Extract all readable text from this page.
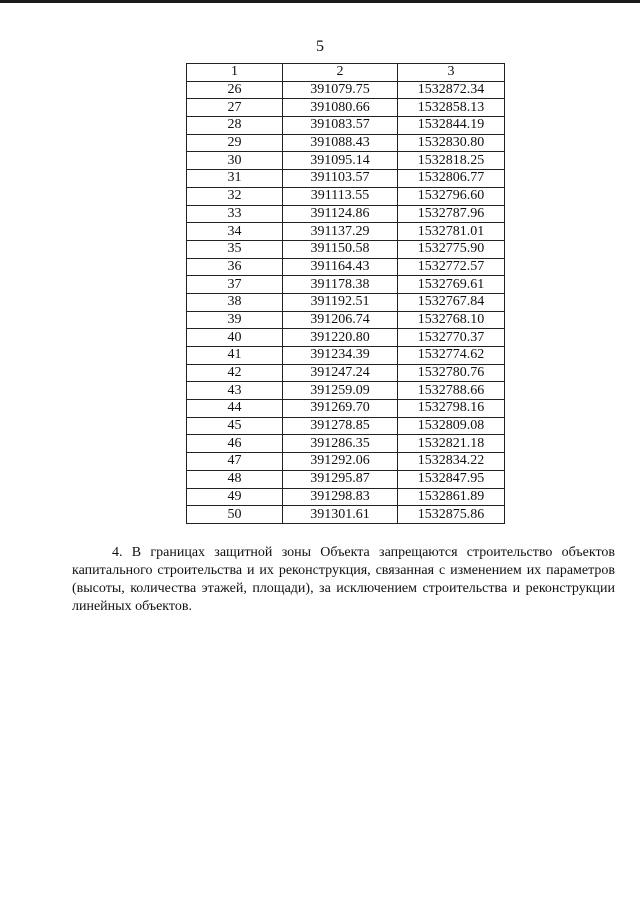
5
1	2	3
26	391079.75	1532872.34
27	391080.66	1532858.13
28	391083.57	1532844.19
29	391088.43	1532830.80
30	391095.14	1532818.25
31	391103.57	1532806.77
32	391113.55	1532796.60
33	391124.86	1532787.96
34	391137.29	1532781.01
35	391150.58	1532775.90
36	391164.43	1532772.57
37	391178.38	1532769.61
38	391192.51	1532767.84
39	391206.74	1532768.10
40	391220.80	1532770.37
41	391234.39	1532774.62
42	391247.24	1532780.76
43	391259.09	1532788.66
44	391269.70	1532798.16
45	391278.85	1532809.08
46	391286.35	1532821.18
47	391292.06	1532834.22
48	391295.87	1532847.95
49	391298.83	1532861.89
50	391301.61	1532875.86

4. В границах защитной зоны Объекта запрещаются строительство объектов капитального строительства и их реконструкция, связанная с изменением их параметров (высоты, количества этажей, площади), за исключением строительства и реконструкции линейных объектов.
